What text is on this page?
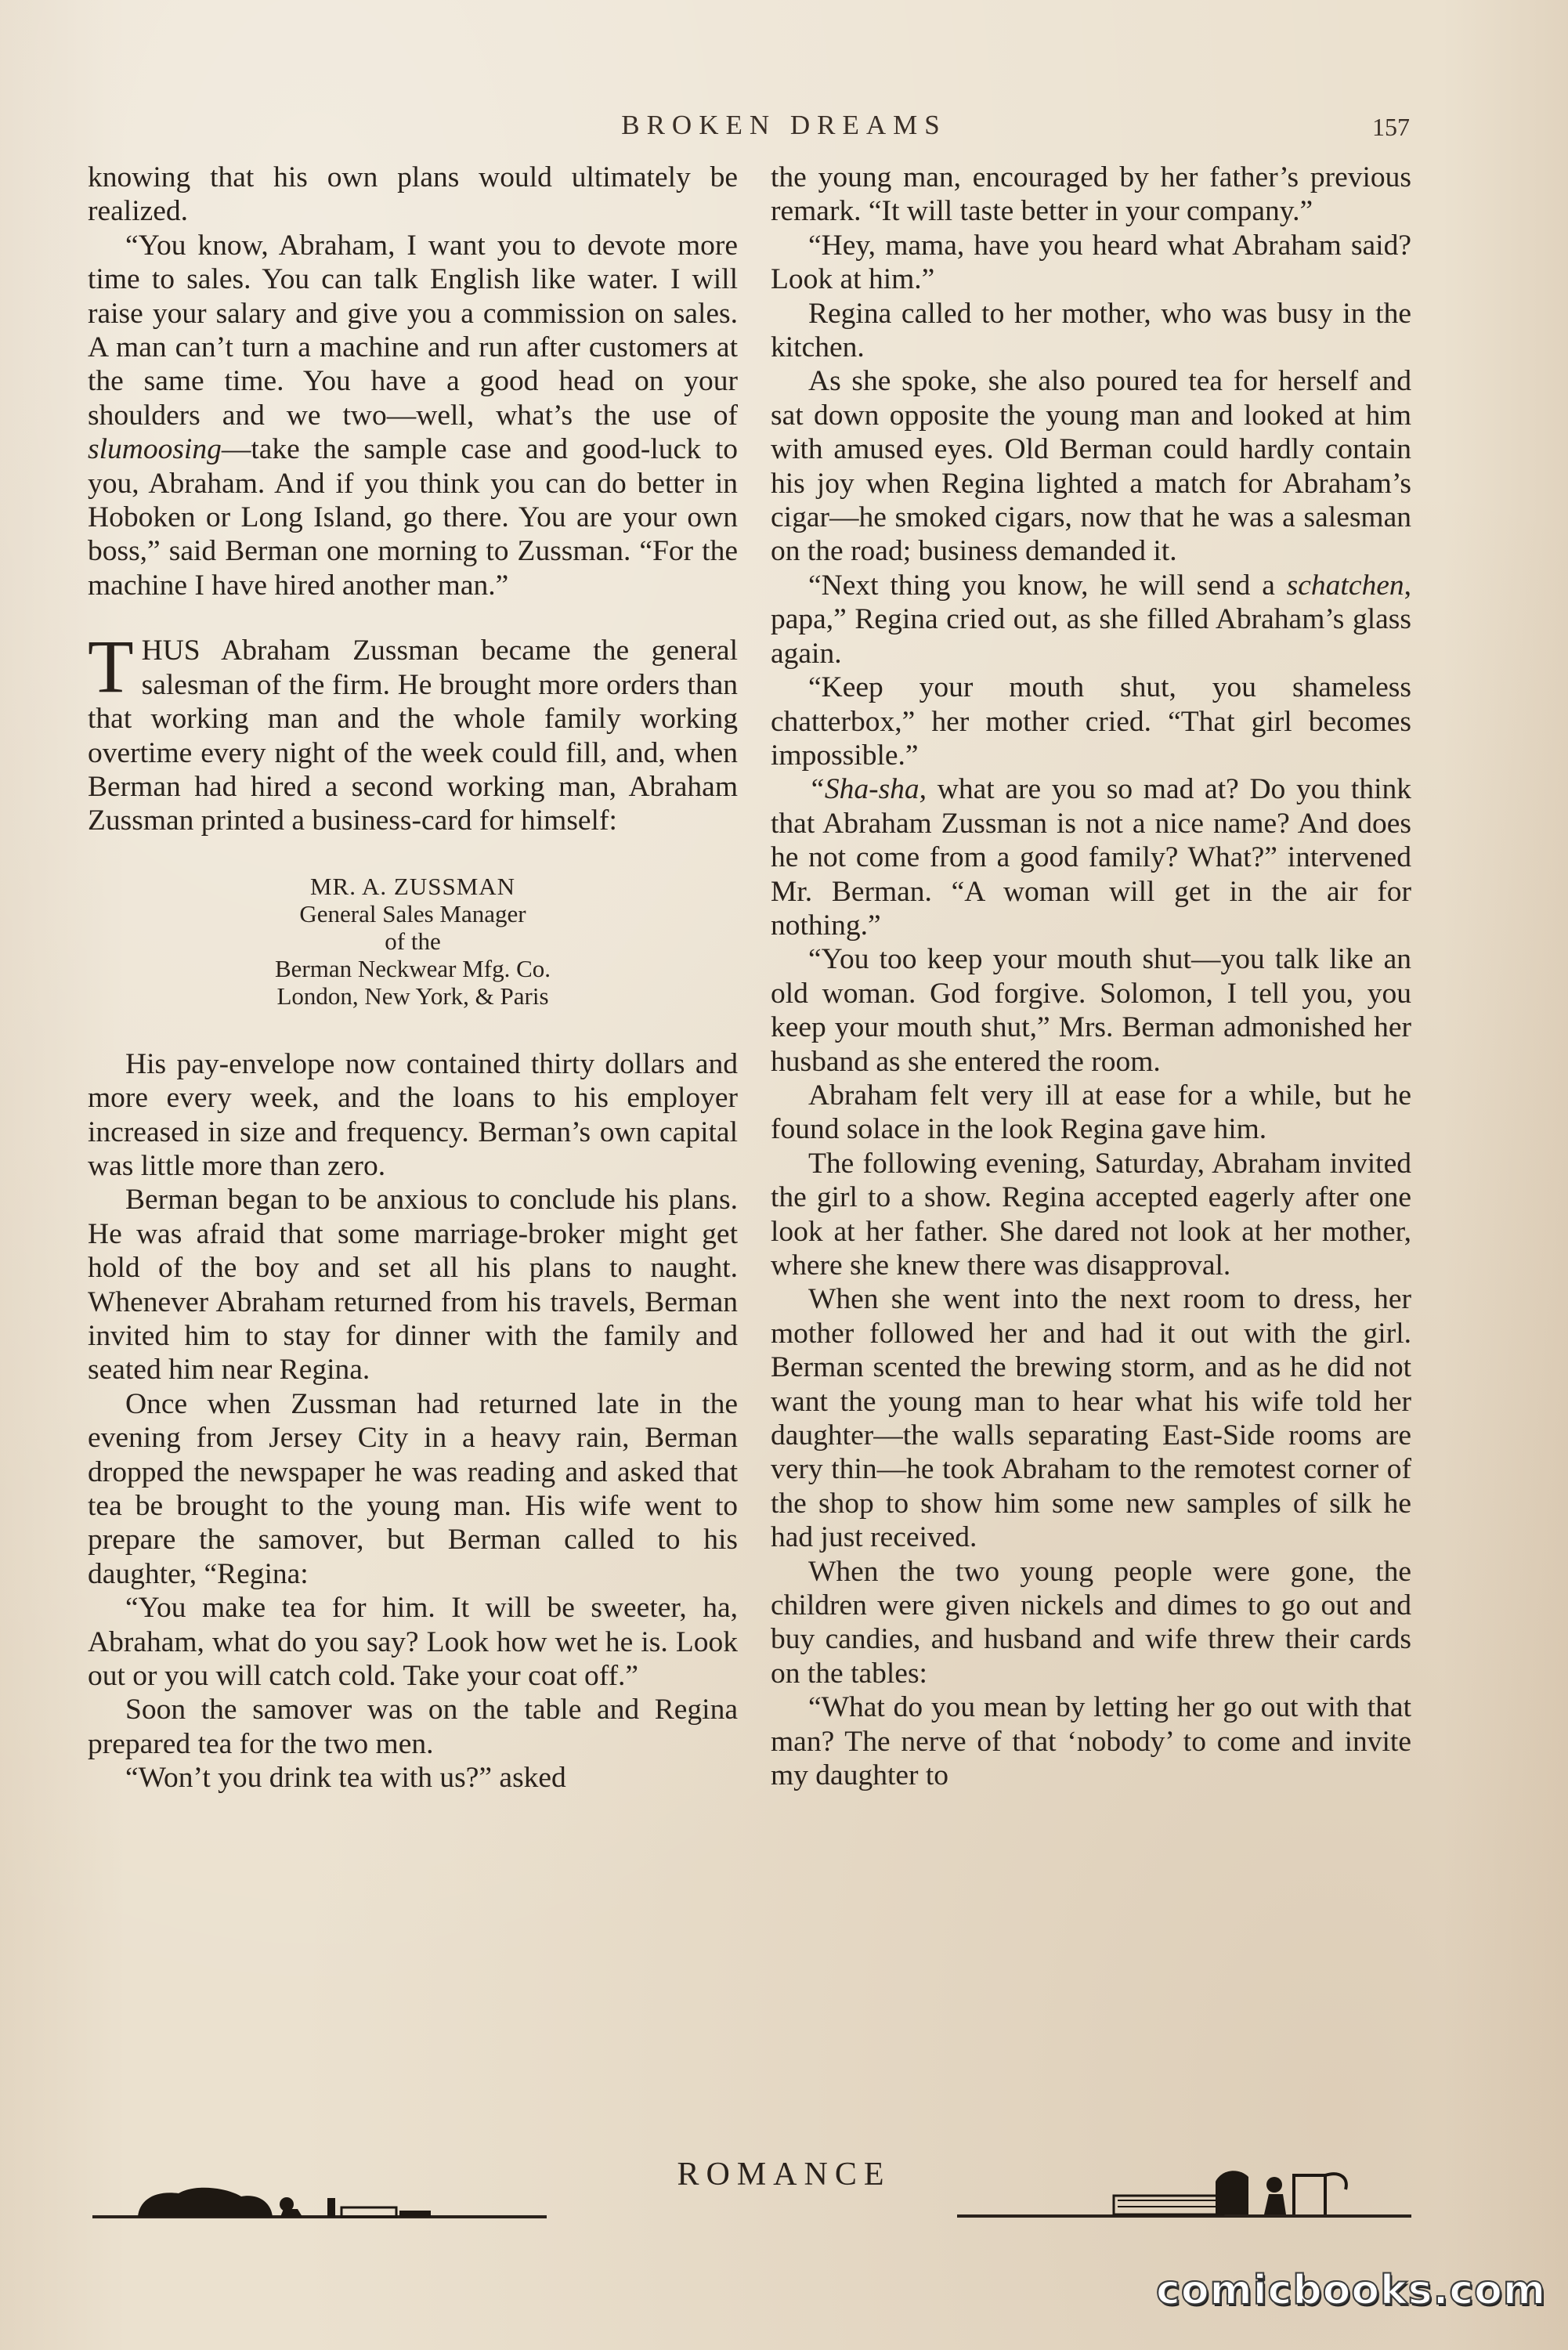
BROKEN DREAMS	157

knowing that his own plans would ultimately be realized.

“You know, Abraham, I want you to devote more time to sales. You can talk English like water. I will raise your salary and give you a commission on sales. A man can’t turn a machine and run after customers at the same time. You have a good head on your shoulders and we two—well, what’s the use of slumoosing—take the sample case and good-luck to you, Abraham. And if you think you can do better in Hoboken or Long Island, go there. You are your own boss,” said Berman one morning to Zussman. “For the machine I have hired another man.”

THUS Abraham Zussman became the general salesman of the firm. He brought more orders than that working man and the whole family working overtime every night of the week could fill, and, when Berman had hired a second working man, Abraham Zussman printed a business-card for himself:

MR. A. ZUSSMAN
General Sales Manager
of the
Berman Neckwear Mfg. Co.
London, New York, & Paris

His pay-envelope now contained thirty dollars and more every week, and the loans to his employer increased in size and frequency. Berman’s own capital was little more than zero.

Berman began to be anxious to conclude his plans. He was afraid that some marriage-broker might get hold of the boy and set all his plans to naught. Whenever Abraham returned from his travels, Berman invited him to stay for dinner with the family and seated him near Regina.

Once when Zussman had returned late in the evening from Jersey City in a heavy rain, Berman dropped the newspaper he was reading and asked that tea be brought to the young man. His wife went to prepare the samover, but Berman called to his daughter, “Regina:

“You make tea for him. It will be sweeter, ha, Abraham, what do you say? Look how wet he is. Look out or you will catch cold. Take your coat off.”

Soon the samover was on the table and Regina prepared tea for the two men.

“Won’t you drink tea with us?” asked

the young man, encouraged by her father’s previous remark. “It will taste better in your company.”

“Hey, mama, have you heard what Abraham said? Look at him.”

Regina called to her mother, who was busy in the kitchen.

As she spoke, she also poured tea for herself and sat down opposite the young man and looked at him with amused eyes. Old Berman could hardly contain his joy when Regina lighted a match for Abraham’s cigar—he smoked cigars, now that he was a salesman on the road; business demanded it.

“Next thing you know, he will send a schatchen, papa,” Regina cried out, as she filled Abraham’s glass again.

“Keep your mouth shut, you shameless chatterbox,” her mother cried. “That girl becomes impossible.”

“Sha-sha, what are you so mad at? Do you think that Abraham Zussman is not a nice name? And does he not come from a good family? What?” intervened Mr. Berman. “A woman will get in the air for nothing.”

“You too keep your mouth shut—you talk like an old woman. God forgive. Solomon, I tell you, you keep your mouth shut,” Mrs. Berman admonished her husband as she entered the room.

Abraham felt very ill at ease for a while, but he found solace in the look Regina gave him.

The following evening, Saturday, Abraham invited the girl to a show. Regina accepted eagerly after one look at her father. She dared not look at her mother, where she knew there was disapproval.

When she went into the next room to dress, her mother followed her and had it out with the girl. Berman scented the brewing storm, and as he did not want the young man to hear what his wife told her daughter—the walls separating East-Side rooms are very thin—he took Abraham to the remotest corner of the shop to show him some new samples of silk he had just received.

When the two young people were gone, the children were given nickels and dimes to go out and buy candies, and husband and wife threw their cards on the tables:

“What do you mean by letting her go out with that man? The nerve of that ‘nobody’ to come and invite my daughter to

ROMANCE
comicbooks.com
